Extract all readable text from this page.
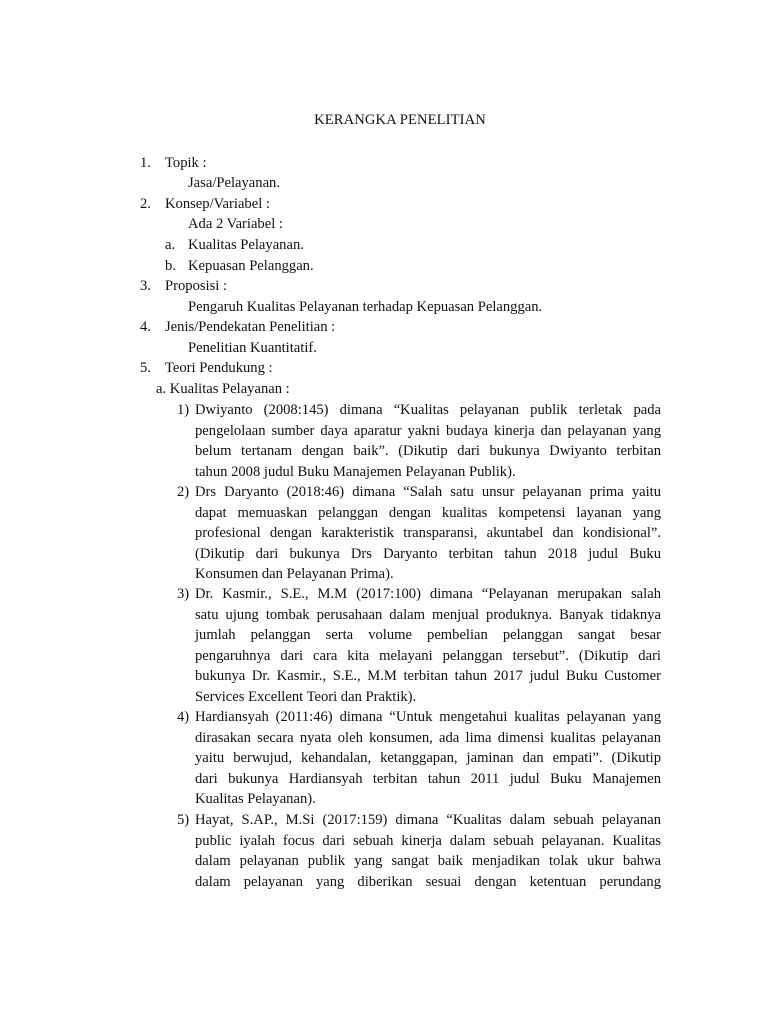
KERANGKA PENELITIAN
1. Topik :
Jasa/Pelayanan.
2. Konsep/Variabel :
Ada 2 Variabel :
a. Kualitas Pelayanan.
b. Kepuasan Pelanggan.
3. Proposisi :
Pengaruh Kualitas Pelayanan terhadap Kepuasan Pelanggan.
4. Jenis/Pendekatan Penelitian :
Penelitian Kuantitatif.
5. Teori Pendukung :
a. Kualitas Pelayanan :
1) Dwiyanto (2008:145) dimana “Kualitas pelayanan publik terletak pada
pengelolaan sumber daya aparatur yakni budaya kinerja dan pelayanan yang
belum tertanam dengan baik”. (Dikutip dari bukunya Dwiyanto terbitan
tahun 2008 judul Buku Manajemen Pelayanan Publik).
2) Drs Daryanto (2018:46) dimana “Salah satu unsur pelayanan prima yaitu
dapat memuaskan pelanggan dengan kualitas kompetensi layanan yang
profesional dengan karakteristik transparansi, akuntabel dan kondisional”.
(Dikutip dari bukunya Drs Daryanto terbitan tahun 2018 judul Buku
Konsumen dan Pelayanan Prima).
3) Dr. Kasmir., S.E., M.M (2017:100) dimana “Pelayanan merupakan salah
satu ujung tombak perusahaan dalam menjual produknya. Banyak tidaknya
jumlah pelanggan serta volume pembelian pelanggan sangat besar
pengaruhnya dari cara kita melayani pelanggan tersebut”. (Dikutip dari
bukunya Dr. Kasmir., S.E., M.M terbitan tahun 2017 judul Buku Customer
Services Excellent Teori dan Praktik).
4) Hardiansyah (2011:46) dimana “Untuk mengetahui kualitas pelayanan yang
dirasakan secara nyata oleh konsumen, ada lima dimensi kualitas pelayanan
yaitu berwujud, kehandalan, ketanggapan, jaminan dan empati”. (Dikutip
dari bukunya Hardiansyah terbitan tahun 2011 judul Buku Manajemen
Kualitas Pelayanan).
5) Hayat, S.AP., M.Si (2017:159) dimana “Kualitas dalam sebuah pelayanan
public iyalah focus dari sebuah kinerja dalam sebuah pelayanan. Kualitas
dalam pelayanan publik yang sangat baik menjadikan tolak ukur bahwa
dalam pelayanan yang diberikan sesuai dengan ketentuan perundang
